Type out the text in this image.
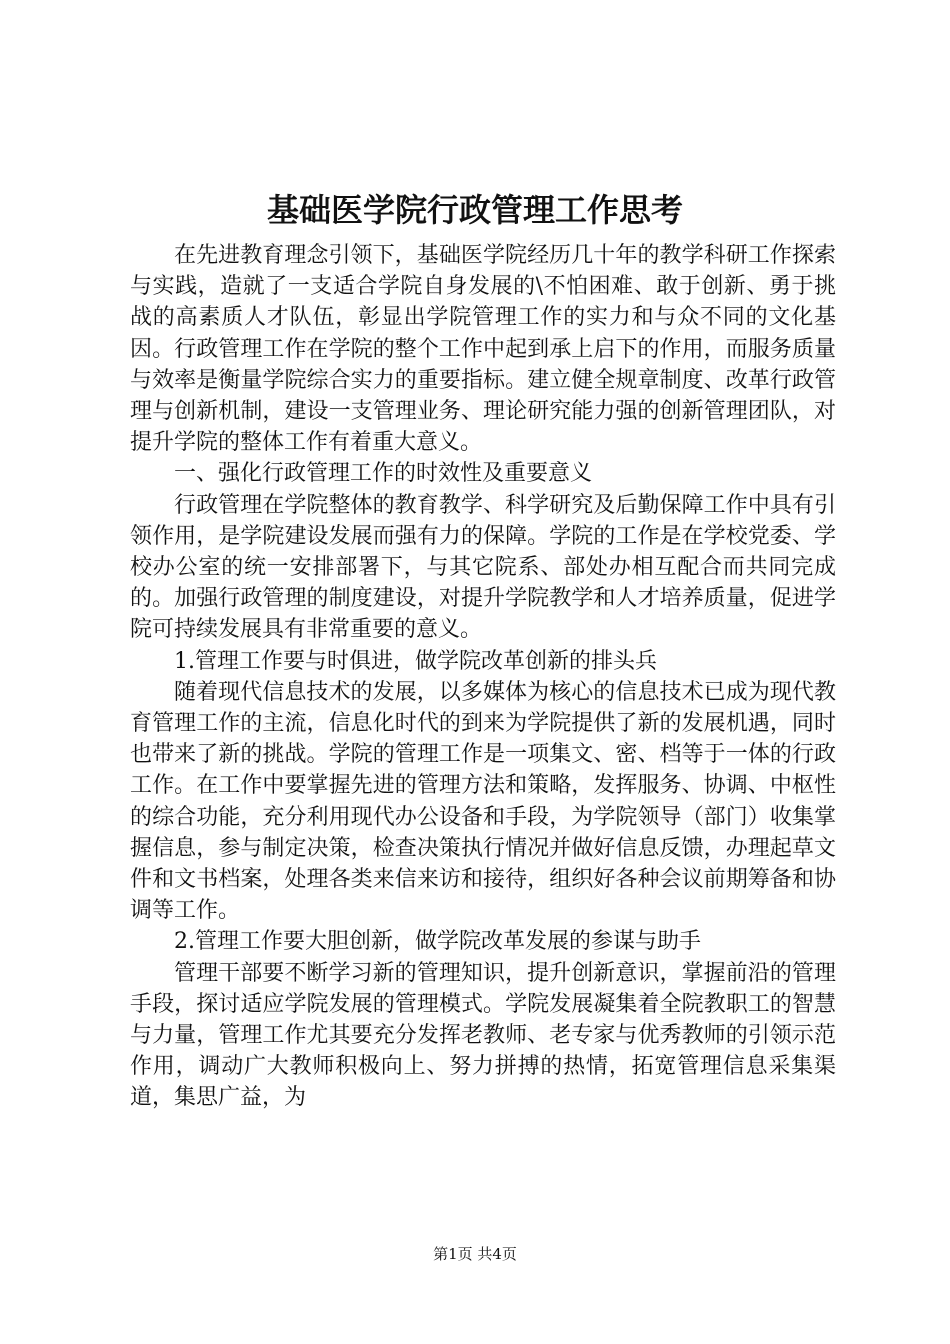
基础医学院行政管理工作思考

在先进教育理念引领下，基础医学院经历几十年的教学科研工作探索与实践，造就了一支适合学院自身发展的\不怕困难、敢于创新、勇于挑战的高素质人才队伍，彰显出学院管理工作的实力和与众不同的文化基因。行政管理工作在学院的整个工作中起到承上启下的作用，而服务质量与效率是衡量学院综合实力的重要指标。建立健全规章制度、改革行政管理与创新机制，建设一支管理业务、理论研究能力强的创新管理团队，对提升学院的整体工作有着重大意义。

一、强化行政管理工作的时效性及重要意义

行政管理在学院整体的教育教学、科学研究及后勤保障工作中具有引领作用，是学院建设发展而强有力的保障。学院的工作是在学校党委、学校办公室的统一安排部署下，与其它院系、部处办相互配合而共同完成的。加强行政管理的制度建设，对提升学院教学和人才培养质量，促进学院可持续发展具有非常重要的意义。

1.管理工作要与时俱进，做学院改革创新的排头兵

随着现代信息技术的发展，以多媒体为核心的信息技术已成为现代教育管理工作的主流，信息化时代的到来为学院提供了新的发展机遇，同时也带来了新的挑战。学院的管理工作是一项集文、密、档等于一体的行政工作。在工作中要掌握先进的管理方法和策略，发挥服务、协调、中枢性的综合功能，充分利用现代办公设备和手段，为学院领导（部门）收集掌握信息，参与制定决策，检查决策执行情况并做好信息反馈，办理起草文件和文书档案，处理各类来信来访和接待，组织好各种会议前期筹备和协调等工作。

2.管理工作要大胆创新，做学院改革发展的参谋与助手

管理干部要不断学习新的管理知识，提升创新意识，掌握前沿的管理手段，探讨适应学院发展的管理模式。学院发展凝集着全院教职工的智慧与力量，管理工作尤其要充分发挥老教师、老专家与优秀教师的引领示范作用，调动广大教师积极向上、努力拼搏的热情，拓宽管理信息采集渠道，集思广益，为

第1页 共4页
